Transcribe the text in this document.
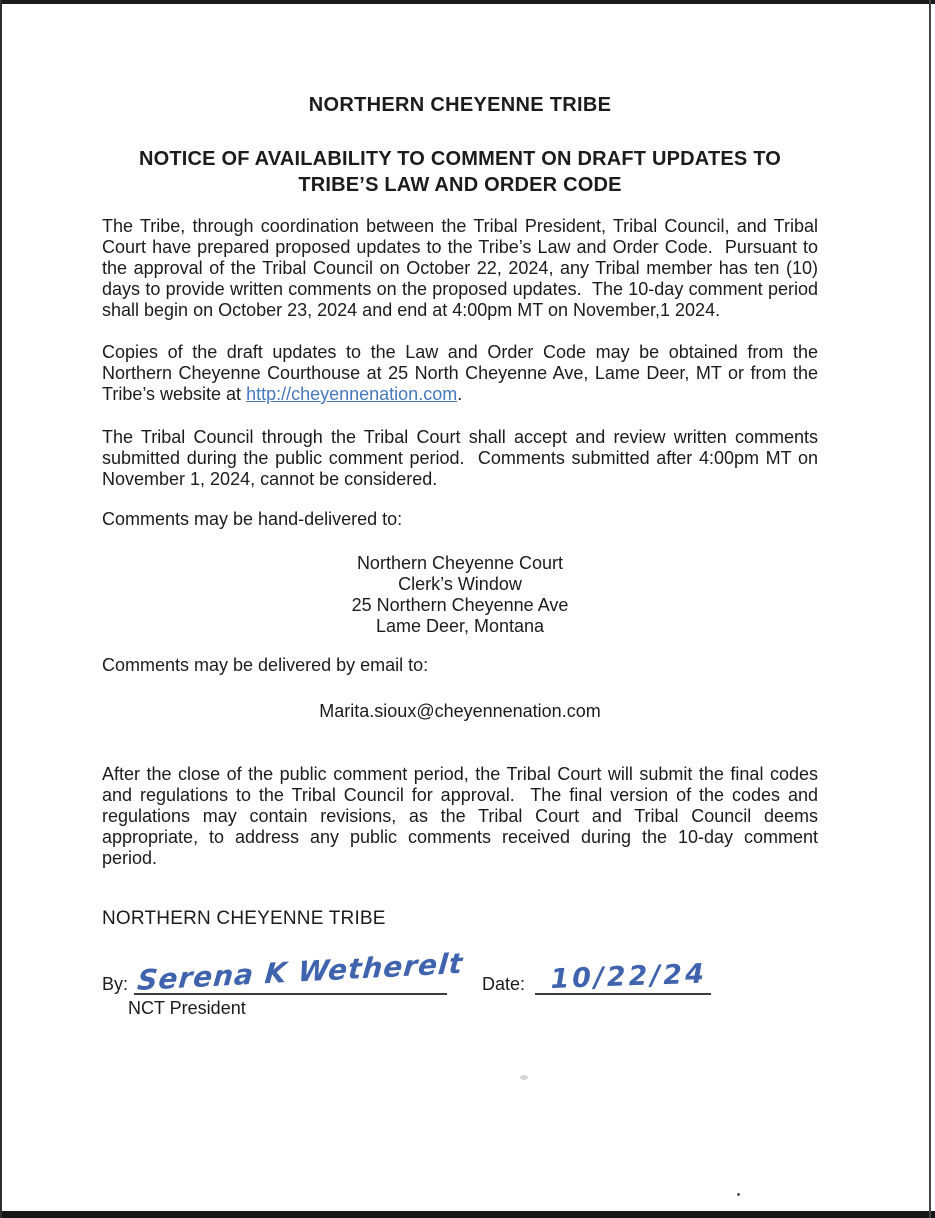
NORTHERN CHEYENNE TRIBE
NOTICE OF AVAILABILITY TO COMMENT ON DRAFT UPDATES TO
TRIBE’S LAW AND ORDER CODE
The Tribe, through coordination between the Tribal President, Tribal Council, and Tribal Court have prepared proposed updates to the Tribe’s Law and Order Code.  Pursuant to the approval of the Tribal Council on October 22, 2024, any Tribal member has ten (10) days to provide written comments on the proposed updates.  The 10-day comment period shall begin on October 23, 2024 and end at 4:00pm MT on November,1 2024.
Copies of the draft updates to the Law and Order Code may be obtained from the Northern Cheyenne Courthouse at 25 North Cheyenne Ave, Lame Deer, MT or from the Tribe’s website at http://cheyennenation.com.
The Tribal Council through the Tribal Court shall accept and review written comments submitted during the public comment period.  Comments submitted after 4:00pm MT on November 1, 2024, cannot be considered.
Comments may be hand-delivered to:
Northern Cheyenne Court
Clerk’s Window
25 Northern Cheyenne Ave
Lame Deer, Montana
Comments may be delivered by email to:
Marita.sioux@cheyennenation.com
After the close of the public comment period, the Tribal Court will submit the final codes and regulations to the Tribal Council for approval.  The final version of the codes and regulations may contain revisions, as the Tribal Court and Tribal Council deems appropriate, to address any public comments received during the 10-day comment period.
NORTHERN CHEYENNE TRIBE
By: Serena K Wetherelt Date: 10/22/24
NCT President
